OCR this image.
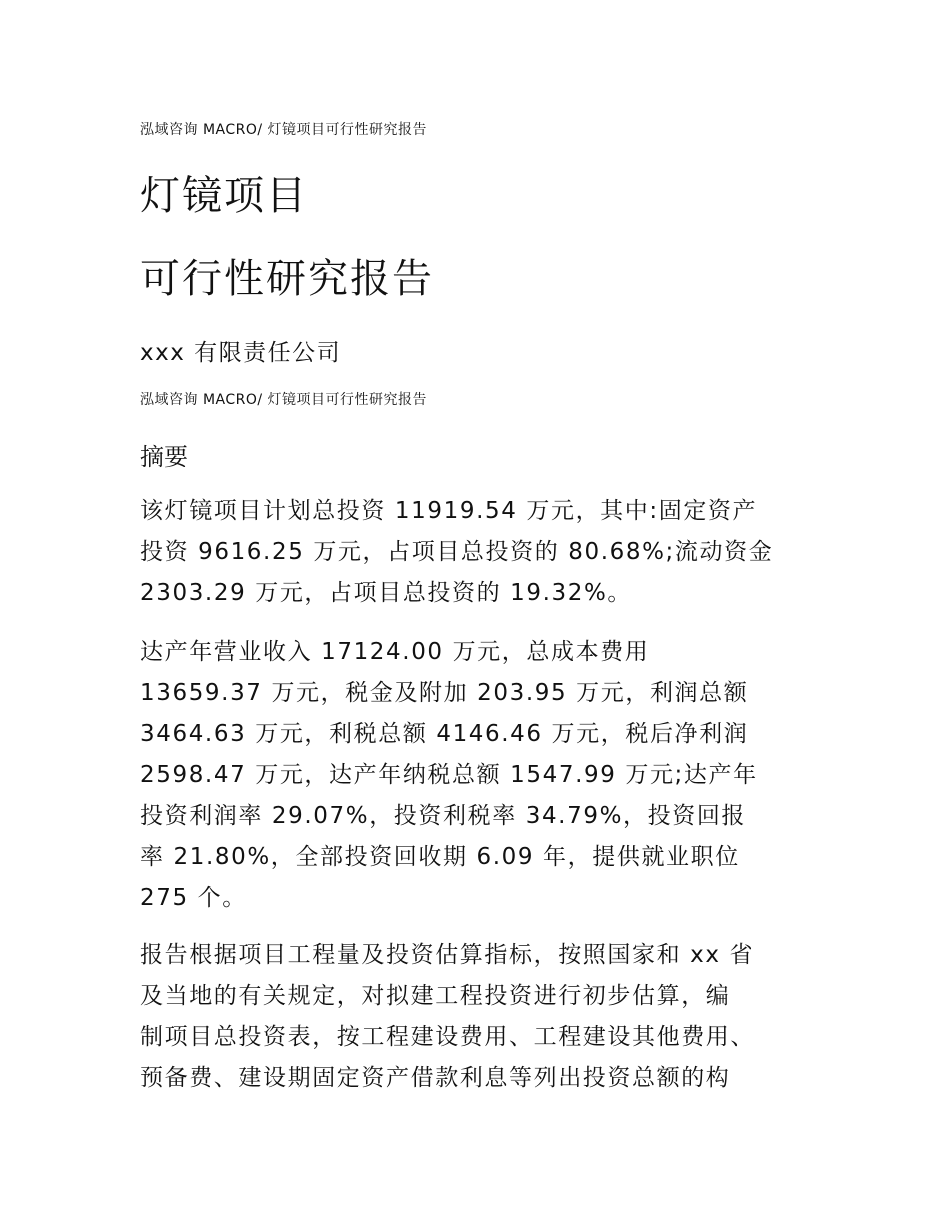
泓域咨询 MACRO/ 灯镜项目可行性研究报告
灯镜项目
可行性研究报告
xxx 有限责任公司
泓域咨询 MACRO/ 灯镜项目可行性研究报告
摘要
该灯镜项目计划总投资 11919.54 万元，其中:固定资产
投资 9616.25 万元，占项目总投资的 80.68%;流动资金
2303.29 万元，占项目总投资的 19.32%。
达产年营业收入 17124.00 万元，总成本费用
13659.37 万元，税金及附加 203.95 万元，利润总额
3464.63 万元，利税总额 4146.46 万元，税后净利润
2598.47 万元，达产年纳税总额 1547.99 万元;达产年
投资利润率 29.07%，投资利税率 34.79%，投资回报
率 21.80%，全部投资回收期 6.09 年，提供就业职位
275 个。
报告根据项目工程量及投资估算指标，按照国家和 xx 省
及当地的有关规定，对拟建工程投资进行初步估算，编
制项目总投资表，按工程建设费用、工程建设其他费用、
预备费、建设期固定资产借款利息等列出投资总额的构
